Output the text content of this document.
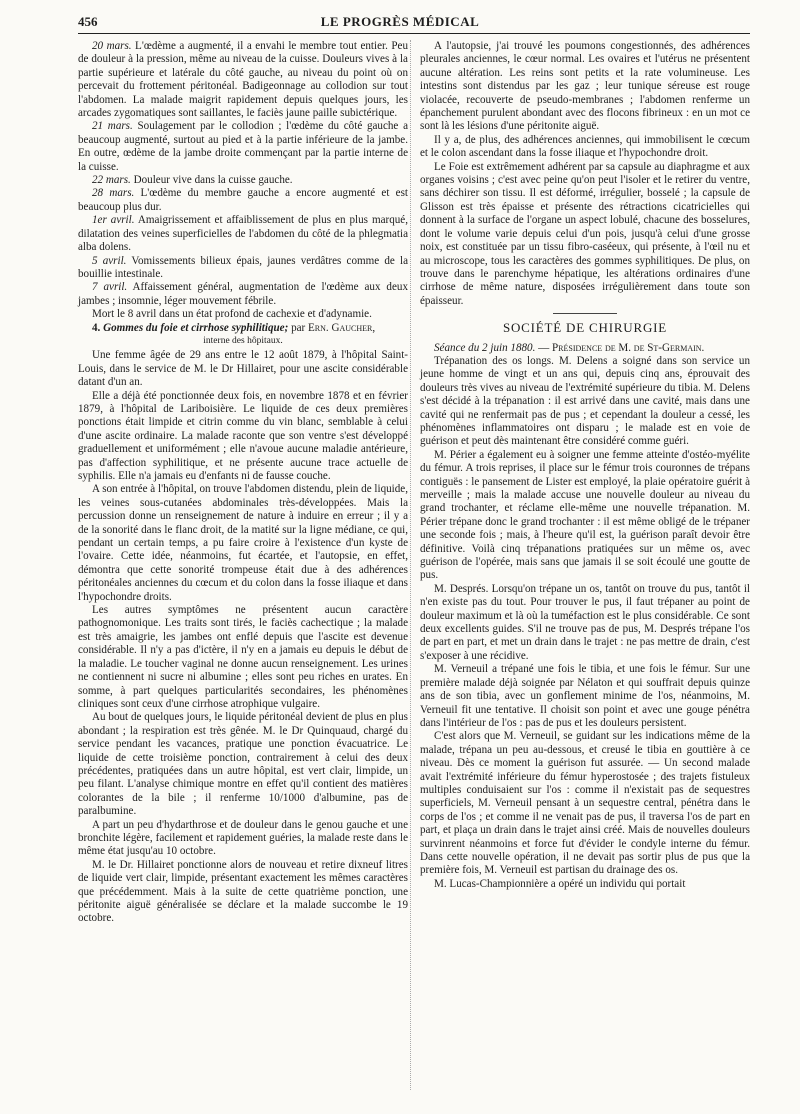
LE PROGRÈS MÉDICAL
456

20 mars. L'œdème a augmenté, il a envahi le membre tout entier. Peu de douleur à la pression, même au niveau de la cuisse. Douleurs vives à la partie supérieure et latérale du côté gauche, au niveau du point où on percevait du frottement péritonéal. Badigeonnage au collodion sur tout l'abdomen. La malade maigrit rapidement depuis quelques jours, les arcades zygomatiques sont saillantes, le faciès jaune paille subictérique.

21 mars. Soulagement par le collodion ; l'œdème du côté gauche a beaucoup augmenté, surtout au pied et à la partie inférieure de la jambe. En outre, œdème de la jambe droite commençant par la partie interne de la cuisse.

22 mars. Douleur vive dans la cuisse gauche.

28 mars. L'œdème du membre gauche a encore augmenté et est beaucoup plus dur.

1er avril. Amaigrissement et affaiblissement de plus en plus marqué, dilatation des veines superficielles de l'abdomen du côté de la phlegmatia alba dolens.

5 avril. Vomissements bilieux épais, jaunes verdâtres comme de la bouillie intestinale.

7 avril. Affaissement général, augmentation de l'œdème aux deux jambes ; insomnie, léger mouvement fébrile.

Mort le 8 avril dans un état profond de cachexie et d'adynamie.

4. Gommes du foie et cirrhose syphilitique; par Ern. Gaucher,

interne des hôpitaux.

Une femme âgée de 29 ans entre le 12 août 1879, à l'hôpital Saint-Louis, dans le service de M. le Dr Hillairet, pour une ascite considérable datant d'un an.

Elle a déjà été ponctionnée deux fois, en novembre 1878 et en février 1879, à l'hôpital de Lariboisière. Le liquide de ces deux premières ponctions était limpide et citrin comme du vin blanc, semblable à celui d'une ascite ordinaire. La malade raconte que son ventre s'est développé graduellement et uniformément ; elle n'avoue aucune maladie antérieure, pas d'affection syphilitique, et ne présente aucune trace actuelle de syphilis. Elle n'a jamais eu d'enfants ni de fausse couche.

A son entrée à l'hôpital, on trouve l'abdomen distendu, plein de liquide, les veines sous-cutanées abdominales très-développées. Mais la percussion donne un renseignement de nature à induire en erreur ; il y a de la sonorité dans le flanc droit, de la matité sur la ligne médiane, ce qui, pendant un certain temps, a pu faire croire à l'existence d'un kyste de l'ovaire. Cette idée, néanmoins, fut écartée, et l'autopsie, en effet, démontra que cette sonorité trompeuse était due à des adhérences péritonéales anciennes du cœcum et du colon dans la fosse iliaque et dans l'hypochondre droits.

Les autres symptômes ne présentent aucun caractère pathognomonique. Les traits sont tirés, le faciès cachectique ; la malade est très amaigrie, les jambes ont enflé depuis que l'ascite est devenue considérable. Il n'y a pas d'ictère, il n'y en a jamais eu depuis le début de la maladie. Le toucher vaginal ne donne aucun renseignement. Les urines ne contiennent ni sucre ni albumine ; elles sont peu riches en urates. En somme, à part quelques particularités secondaires, les phénomènes cliniques sont ceux d'une cirrhose atrophique vulgaire.

Au bout de quelques jours, le liquide péritonéal devient de plus en plus abondant ; la respiration est très gênée. M. le Dr Quinquaud, chargé du service pendant les vacances, pratique une ponction évacuatrice. Le liquide de cette troisième ponction, contrairement à celui des deux précédentes, pratiquées dans un autre hôpital, est vert clair, limpide, un peu filant. L'analyse chimique montre en effet qu'il contient des matières colorantes de la bile ; il renferme 10/1000 d'albumine, pas de paralbumine.

A part un peu d'hydarthrose et de douleur dans le genou gauche et une bronchite légère, facilement et rapidement guéries, la malade reste dans le même état jusqu'au 10 octobre.

M. le Dr. Hillairet ponctionne alors de nouveau et retire dixneuf litres de liquide vert clair, limpide, présentant exactement les mêmes caractères que précédemment. Mais à la suite de cette quatrième ponction, une péritonite aiguë généralisée se déclare et la malade succombe le 19 octobre.

A l'autopsie, j'ai trouvé les poumons congestionnés, des adhérences pleurales anciennes, le cœur normal. Les ovaires et l'utérus ne présentent aucune altération. Les reins sont petits et la rate volumineuse. Les intestins sont distendus par les gaz ; leur tunique séreuse est rouge violacée, recouverte de pseudo-membranes ; l'abdomen renferme un épanchement purulent abondant avec des flocons fibrineux : en un mot ce sont là les lésions d'une péritonite aiguë.

Il y a, de plus, des adhérences anciennes, qui immobilisent le cœcum et le colon ascendant dans la fosse iliaque et l'hypochondre droit.

Le Foie est extrêmement adhérent par sa capsule au diaphragme et aux organes voisins ; c'est avec peine qu'on peut l'isoler et le retirer du ventre, sans déchirer son tissu. Il est déformé, irrégulier, bosselé ; la capsule de Glisson est très épaisse et présente des rétractions cicatricielles qui donnent à la surface de l'organe un aspect lobulé, chacune des bosselures, dont le volume varie depuis celui d'un pois, jusqu'à celui d'une grosse noix, est constituée par un tissu fibro-caséeux, qui présente, à l'œil nu et au microscope, tous les caractères des gommes syphilitiques. De plus, on trouve dans le parenchyme hépatique, les altérations ordinaires d'une cirrhose de même nature, disposées irrégulièrement dans toute son épaisseur.

SOCIÉTÉ DE CHIRURGIE

Séance du 2 juin 1880. — Présidence de M. de St-Germain.

Trépanation des os longs. M. Delens a soigné dans son service un jeune homme de vingt et un ans qui, depuis cinq ans, éprouvait des douleurs très vives au niveau de l'extrémité supérieure du tibia. M. Delens s'est décidé à la trépanation : il est arrivé dans une cavité, mais dans une cavité qui ne renfermait pas de pus ; et cependant la douleur a cessé, les phénomènes inflammatoires ont disparu ; le malade est en voie de guérison et peut dès maintenant être considéré comme guéri.

M. Périer a également eu à soigner une femme atteinte d'ostéo-myélite du fémur. A trois reprises, il place sur le fémur trois couronnes de trépans contiguës : le pansement de Lister est employé, la plaie opératoire guérit à merveille ; mais la malade accuse une nouvelle douleur au niveau du grand trochanter, et réclame elle-même une nouvelle trépanation. M. Périer trépane donc le grand trochanter : il est même obligé de le trépaner une seconde fois ; mais, à l'heure qu'il est, la guérison paraît devoir être définitive. Voilà cinq trépanations pratiquées sur un même os, avec guérison de l'opérée, mais sans que jamais il se soit écoulé une goutte de pus.

M. Després. Lorsqu'on trépane un os, tantôt on trouve du pus, tantôt il n'en existe pas du tout. Pour trouver le pus, il faut trépaner au point de douleur maximum et là où la tuméfaction est le plus considérable. Ce sont deux excellents guides. S'il ne trouve pas de pus, M. Després trépane l'os de part en part, et met un drain dans le trajet : ne pas mettre de drain, c'est s'exposer à une récidive.

M. Verneuil a trépané une fois le tibia, et une fois le fémur. Sur une première malade déjà soignée par Nélaton et qui souffrait depuis quinze ans de son tibia, avec un gonflement minime de l'os, néanmoins, M. Verneuil fit une tentative. Il choisit son point et avec une gouge pénétra dans l'intérieur de l'os : pas de pus et les douleurs persistent.

C'est alors que M. Verneuil, se guidant sur les indications même de la malade, trépana un peu au-dessous, et creusé le tibia en gouttière à ce niveau. Dès ce moment la guérison fut assurée. — Un second malade avait l'extrémité inférieure du fémur hyperostosée ; des trajets fistuleux multiples conduisaient sur l'os : comme il n'existait pas de sequestres superficiels, M. Verneuil pensant à un sequestre central, pénétra dans le corps de l'os ; et comme il ne venait pas de pus, il traversa l'os de part en part, et plaça un drain dans le trajet ainsi créé. Mais de nouvelles douleurs survinrent néanmoins et force fut d'évider le condyle interne du fémur. Dans cette nouvelle opération, il ne devait pas sortir plus de pus que la première fois, M. Verneuil est partisan du drainage des os.

M. Lucas-Championnière a opéré un individu qui portait
